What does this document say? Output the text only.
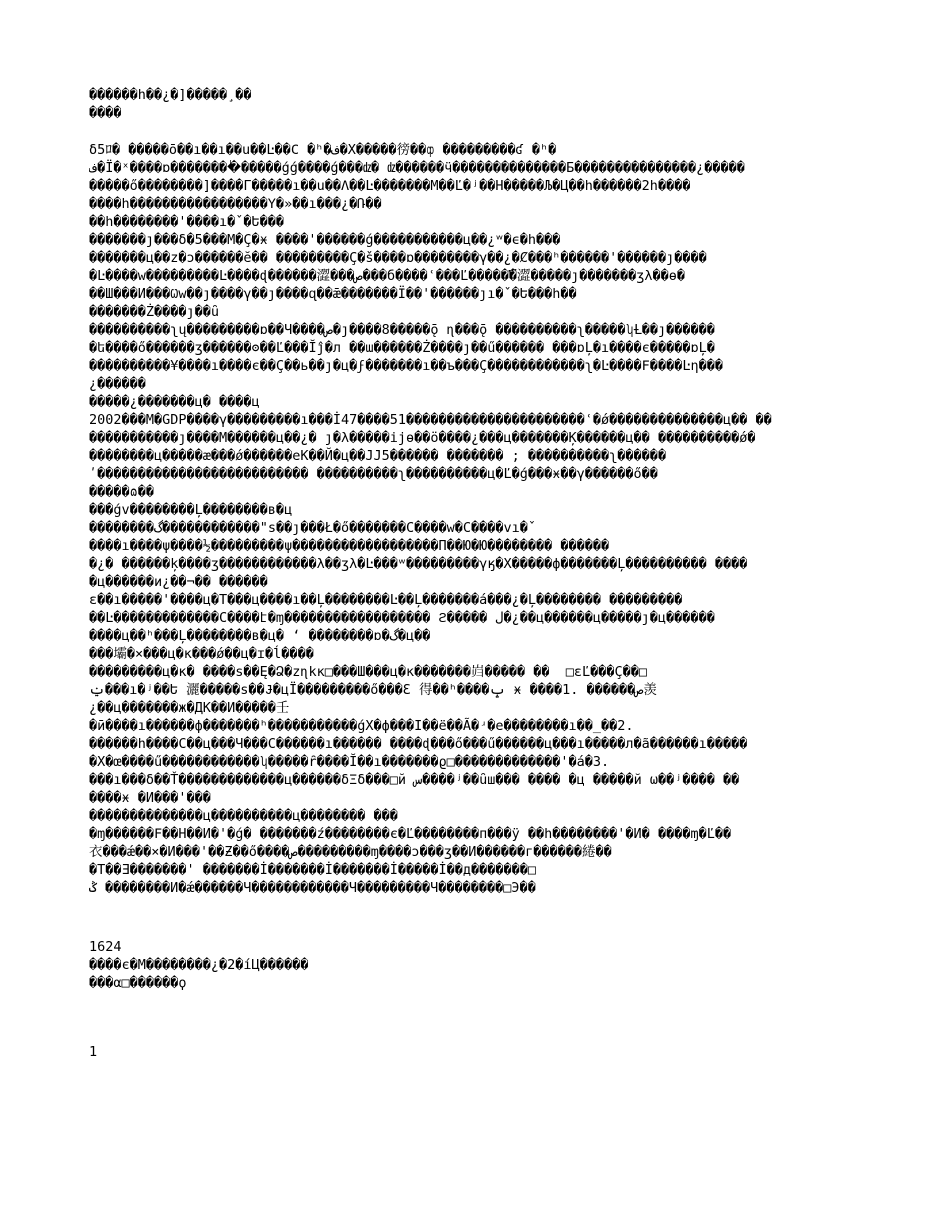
������h��¿�]�����¸��
����
δ5ﾛ� �����ō��ı��ı��u��Ŀ��Ϲ �ʰ�ف�Х�����徬��ȹ ���������ʛ �ʰ�
ف�Ї�ˣ����ɒ��������ٰ�����ǵǵ����ǵ���ǳ� ǳ������ӵ��������������Б���������������¿�����
�����ő��������]����Г�����ı��u��Λ��Ŀ�������M��Ľ�ʲ��Н�����Љ�Ц��h������2h����
����h�����������������Υ�»��ı���¿�Ռ��
��h��������'����ı�ˇ�Ե���
�������ȷ���δ�5���M�Ç�ӿ ����'������ǵ�����������ц��¿ʷ�ϵ�h���
�������ц��z�ɔ������ӗ�� ���������Ç�š����ɒ��������γ��¿�Ȼ���ʰ������'������ȷ����
�Ŀ����w���������Ŀ����ɖ������澀���ص���б����ʿ���Ľ������፝澀�����ȷ�������ʒλ��ɵ�
��Ш���И���Ѡw��ȷ����γ��ȷ����ɋ��ǣ�������Ϊ��'������ȷı�ˇ�Ե���h��
�������Ż����ȷ��ȗ
����������ʅų���������ɒ��Ч����ص�ȷ����8�����ǭ ɳ���ǭ ����������ʅ�����ʮȽ��ȷ������
�ե����ő������ʒ������ʘ��Ľ���Ĭĵ�л ��ɯ������Ż����ȷ��ű������ ���ɒĻ�ı����є�����ɒĻ�
����������¥����ı����є��Ç��ь��ȷ�ц�ϝ�������ı��ъ���Ç������������ʅ�Ŀ����Ϝ����Ŀη���
¿������
�����¿�������ц� ����ц
2002���M�GDP����γ���������ı���İ47����51����������������������ʿ�ǿ��������������ц�� ��
�����������ȷ����M������ц��¿� ȷ�λ�����ijѳ��ӧ����¿���ц�������Ķ������ц�� ����������ǿ�
��������ц�����æ���ǿ������еК��Й�ц��ЈJ5������ ������� ; ����������ʅ������
ʹ�������������������������� ����������ʅ����������ц�Ľ�ǵ���ӿ��γ������ő��
�����ɷ��
���ǵv��������Ļ��������в�ц
��������گ������������"ѕ��ȷ���Ł�ő�������С����w�С����vı�ˇ
����ı����ψ����½���������ψ������������������П��Ю�Ю�������� ������
�¿� ������ķ����ʒ������������λ��ʒλ�Ŀ���ʷ���������γӄ�Х�����ф�������Ļ���������� ����
�ц������и¿��¬�� ������
ɛ��ı�����'����ц�Т���ц����ı��Ļ��������Ŀ��Ļ�������á���¿�Ļ�������� ���������
��Ŀ�������������С����է�ɱ������������������ ϩ����� ل�¿��ц������ц�����ȷ�ц������
����ц��ʰ���Ļ��������в�ц� ʻ ��������ɒ�گ�ц��
���壩�×���ц�к���ǿ��ц�ɪ�ĺ����
���������ц�к� ����ѕ��Ę�Ձ�zɳkк□���Ш���ц�к�������岿����� ��  □ɛĽ���Ç��□
ݔ���ı�ʲ��Ե 灑�����ѕ��Ɉ�цЇ���������ő���Ɛ 得��ʰ����ݒ ӿ ����1. ������ص羡
¿��ц�������ж�ДК��И�����壬
�ӣ����ı������ф�������ʰ�����������ǵХ�ф���Ӏ��ё��Ã�ʴ�е��������ı��_��2.
������h����С��ц���Ч���С������ı������ ����ɖ���ő���ű������ц���ı�����л�ã������ı�����
�Х�œ����ű������������ʮ�����ȓ����Ĭ��ı�������ϱ□�������������'�á�3.
���ı���δ��Ť�������������ц������δΞδ���□й س����ʲ��ȗш��� ���� �ц �����й ω��ʲ���� ��
����ӿ �И���'���
��������������ц����������ц�������� ���
�ɱ������Ϝ��Н��И�'�ǵ� �������ź��������є�Ľ��������п���ӱ ��h��������'�И� ����ɱ�Ľ��
衣���ǽ��×�И���'��Ƶ��ő����ص���������ɱ����ɔ���ʒ��И������г������綣��
�Т��Ǝ�������' �������İ�������İ�������İ�����İ��д�������□
ݣ ��������И�ǽ������Ч������������Ч���������Ч��������□Э��
1624
����є�M��������¿�2�íЦ������
���α□������ϙ
1
